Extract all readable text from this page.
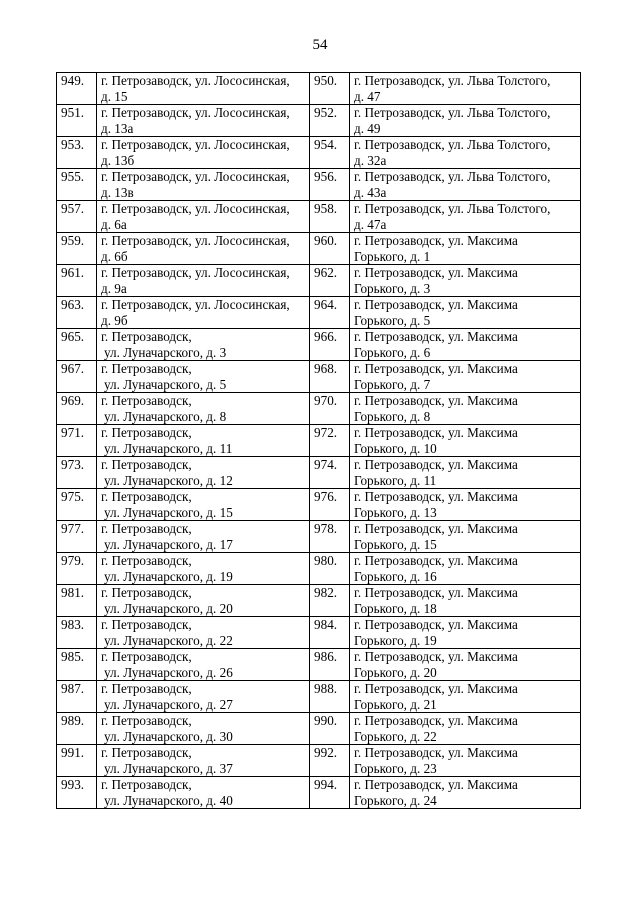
54
949.	г. Петрозаводск, ул. Лососинская,
д. 15	950.	г. Петрозаводск, ул. Льва Толстого,
д. 47

951.	г. Петрозаводск, ул. Лососинская,
д. 13а	952.	г. Петрозаводск, ул. Льва Толстого,
д. 49

953.	г. Петрозаводск, ул. Лососинская,
д. 13б	954.	г. Петрозаводск, ул. Льва Толстого,
д. 32а

955.	г. Петрозаводск, ул. Лососинская,
д. 13в	956.	г. Петрозаводск, ул. Льва Толстого,
д. 43а

957.	г. Петрозаводск, ул. Лососинская,
д. 6а	958.	г. Петрозаводск, ул. Льва Толстого,
д. 47а

959.	г. Петрозаводск, ул. Лососинская,
д. 6б	960.	г. Петрозаводск, ул. Максима
Горького, д. 1

961.	г. Петрозаводск, ул. Лососинская,
д. 9а	962.	г. Петрозаводск, ул. Максима
Горького, д. 3

963.	г. Петрозаводск, ул. Лососинская,
д. 9б	964.	г. Петрозаводск, ул. Максима
Горького, д. 5

965.	г. Петрозаводск,
ул. Луначарского, д. 3	966.	г. Петрозаводск, ул. Максима
Горького, д. 6

967.	г. Петрозаводск,
ул. Луначарского, д. 5	968.	г. Петрозаводск, ул. Максима
Горького, д. 7

969.	г. Петрозаводск,
ул. Луначарского, д. 8	970.	г. Петрозаводск, ул. Максима
Горького, д. 8

971.	г. Петрозаводск,
ул. Луначарского, д. 11	972.	г. Петрозаводск, ул. Максима
Горького, д. 10

973.	г. Петрозаводск,
ул. Луначарского, д. 12	974.	г. Петрозаводск, ул. Максима
Горького, д. 11

975.	г. Петрозаводск,
ул. Луначарского, д. 15	976.	г. Петрозаводск, ул. Максима
Горького, д. 13

977.	г. Петрозаводск,
ул. Луначарского, д. 17	978.	г. Петрозаводск, ул. Максима
Горького, д. 15

979.	г. Петрозаводск,
ул. Луначарского, д. 19	980.	г. Петрозаводск, ул. Максима
Горького, д. 16

981.	г. Петрозаводск,
ул. Луначарского, д. 20	982.	г. Петрозаводск, ул. Максима
Горького, д. 18

983.	г. Петрозаводск,
ул. Луначарского, д. 22	984.	г. Петрозаводск, ул. Максима
Горького, д. 19

985.	г. Петрозаводск,
ул. Луначарского, д. 26	986.	г. Петрозаводск, ул. Максима
Горького, д. 20

987.	г. Петрозаводск,
ул. Луначарского, д. 27	988.	г. Петрозаводск, ул. Максима
Горького, д. 21

989.	г. Петрозаводск,
ул. Луначарского, д. 30	990.	г. Петрозаводск, ул. Максима
Горького, д. 22

991.	г. Петрозаводск,
ул. Луначарского, д. 37	992.	г. Петрозаводск, ул. Максима
Горького, д. 23

993.	г. Петрозаводск,
ул. Луначарского, д. 40	994.	г. Петрозаводск, ул. Максима
Горького, д. 24
